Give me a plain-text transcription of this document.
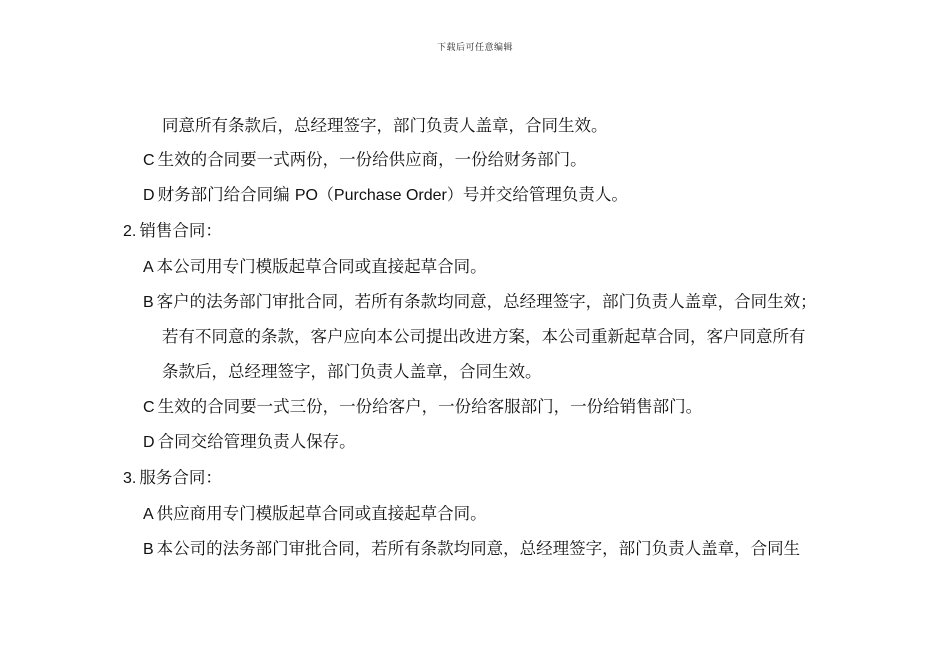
下载后可任意编辑
同意所有条款后，总经理签字，部门负责人盖章，合同生效。
C 生效的合同要一式两份，一份给供应商，一份给财务部门。
D 财务部门给合同编 PO（Purchase Order）号并交给管理负责人。
2. 销售合同：
A 本公司用专门模版起草合同或直接起草合同。
B 客户的法务部门审批合同，若所有条款均同意，总经理签字，部门负责人盖章，合同生效；
若有不同意的条款，客户应向本公司提出改进方案，本公司重新起草合同，客户同意所有
条款后，总经理签字，部门负责人盖章，合同生效。
C 生效的合同要一式三份，一份给客户，一份给客服部门，一份给销售部门。
D 合同交给管理负责人保存。
3. 服务合同：
A 供应商用专门模版起草合同或直接起草合同。
B 本公司的法务部门审批合同，若所有条款均同意，总经理签字，部门负责人盖章，合同生
